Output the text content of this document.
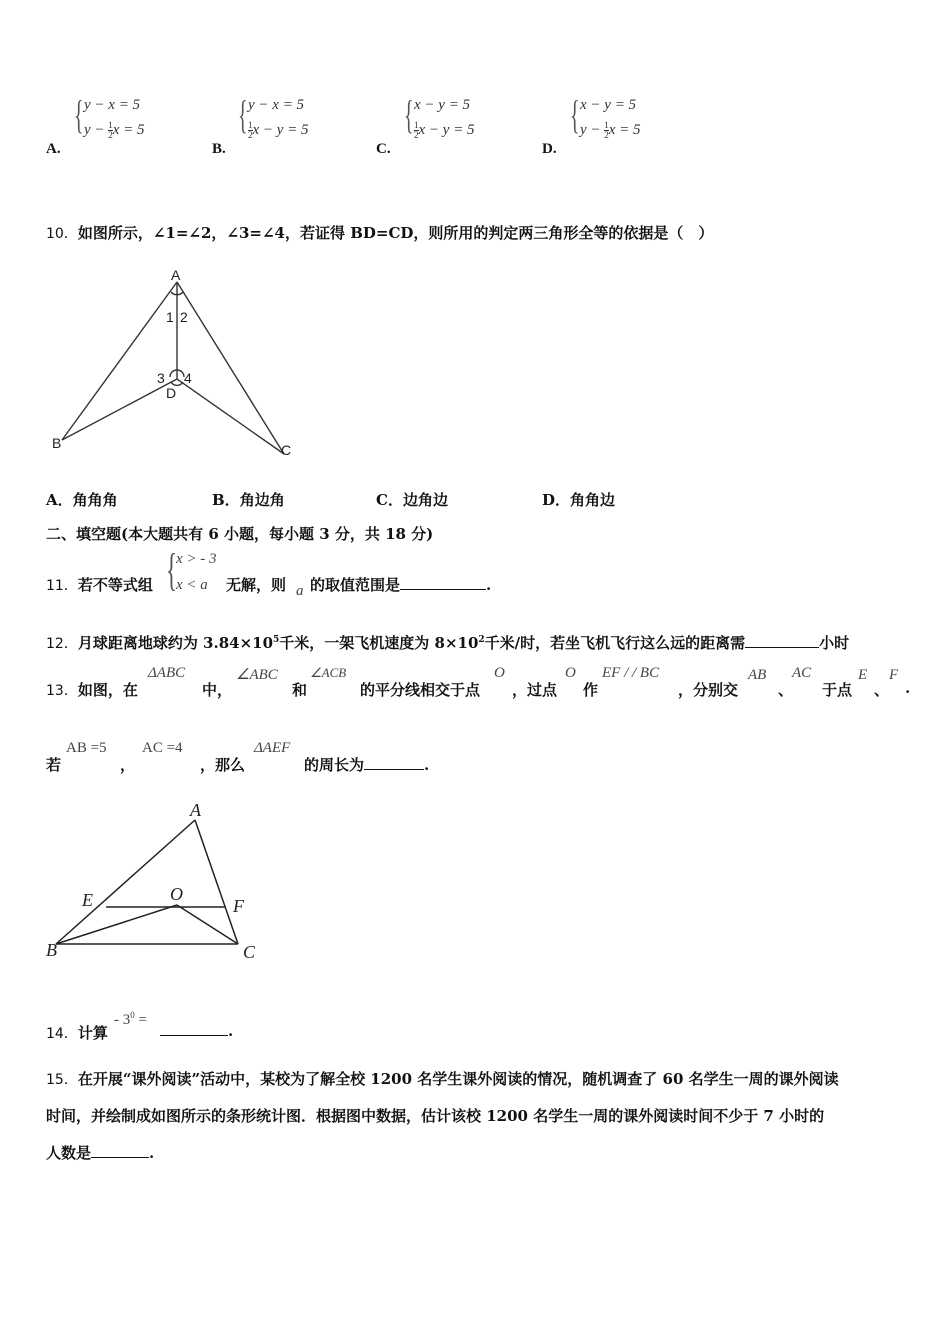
A.
{ y − x = 5
$y - \frac{1}{2}$ x = 5
B.
{ y − x = 5
$\frac{1}{2}$ x − y = 5
C.
{ x − y = 5
$\frac{1}{2}$ x − y = 5
D.
{ x − y = 5
$y - \frac{1}{2}$ x = 5
10．如图所示，∠1=∠2，∠3=∠4，若证得 BD=CD，则所用的判定两三角形全等的依据是（　）
A
B	C
D
1 2
3 4
A．角角角	B．角边角	C．边角边	D．角角边
二、填空题(本大题共有 6 小题，每小题 3 分，共 18 分)
11．若不等式组 {
x > - 3
x < a 无解，则 a 的取值范围是	.
12．月球距离地球约为 $3.84\times 10^5$千米，一架飞机速度为 $8\times 10^2$千米/时，若坐飞机飞行这么远的距离需	小时
13．如图，在
ΔABC
中，
∠ABC
和
∠ACB
的平分线相交于点
O
，过点
O
作
EF / / BC
，分别交
AB
、
AC
于点
E
、
F
.
若
AB =5
，
AC =4
，那么
ΔAEF
的周长为	.
A
B	C
E	F
O
14．计算
- $3^0$ =
.
15．在开展“课外阅读”活动中，某校为了解全校 1200 名学生课外阅读的情况，随机调查了 60 名学生一周的课外阅读
时间，并绘制成如图所示的条形统计图．根据图中数据，估计该校 1200 名学生一周的课外阅读时间不少于 7 小时的
人数是	.
